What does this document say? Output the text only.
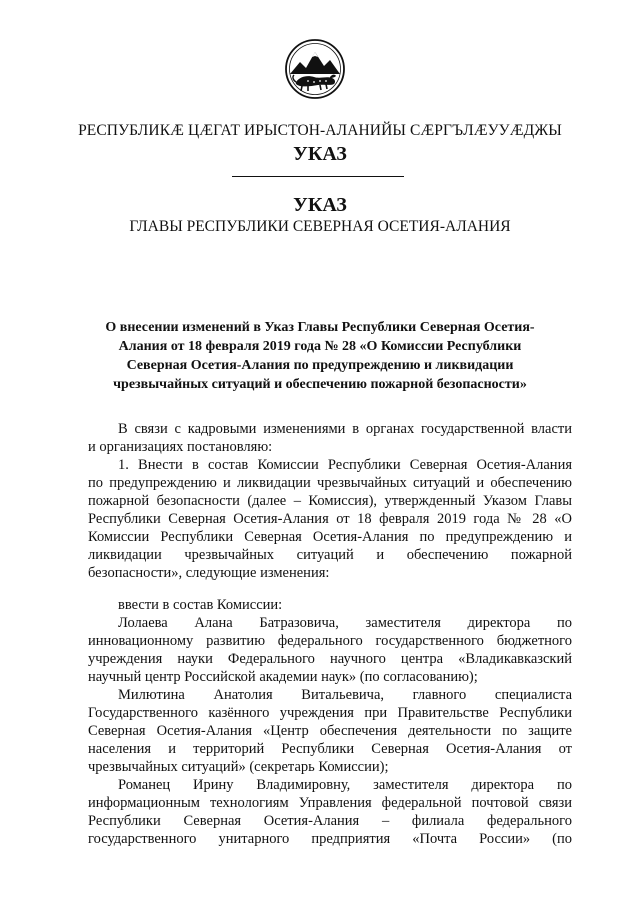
РЕСПУБЛИКӔ ЦӔГАТ ИРЫСТОН-АЛАНИЙЫ СӔРГЪЛӔУУӔДЖЫ
УКАЗ
УКАЗ
ГЛАВЫ РЕСПУБЛИКИ СЕВЕРНАЯ ОСЕТИЯ-АЛАНИЯ
О внесении изменений в Указ Главы Республики Северная Осетия-
Алания от 18 февраля 2019 года № 28 «О Комиссии Республики
Северная Осетия-Алания по предупреждению и ликвидации
чрезвычайных ситуаций и обеспечению пожарной безопасности»
В связи с кадровыми изменениями в органах государственной власти
и организациях постановляю:
1. Внести в состав Комиссии Республики Северная Осетия-Алания
по предупреждению и ликвидации чрезвычайных ситуаций и обеспечению
пожарной безопасности (далее – Комиссия), утвержденный Указом Главы
Республики Северная Осетия-Алания от 18 февраля 2019 года № 28 «О
Комиссии Республики Северная Осетия-Алания по предупреждению и
ликвидации чрезвычайных ситуаций и обеспечению пожарной
безопасности», следующие изменения:
ввести в состав Комиссии:
Лолаева Алана Батразовича, заместителя директора по
инновационному развитию федерального государственного бюджетного
учреждения науки Федерального научного центра «Владикавказский
научный центр Российской академии наук» (по согласованию);
Милютина Анатолия Витальевича, главного специалиста
Государственного казённого учреждения при Правительстве Республики
Северная Осетия-Алания «Центр обеспечения деятельности по защите
населения и территорий Республики Северная Осетия-Алания от
чрезвычайных ситуаций» (секретарь Комиссии);
Романец Ирину Владимировну, заместителя директора по
информационным технологиям Управления федеральной почтовой связи
Республики Северная Осетия-Алания – филиала федерального
государственного унитарного предприятия «Почта России» (по
